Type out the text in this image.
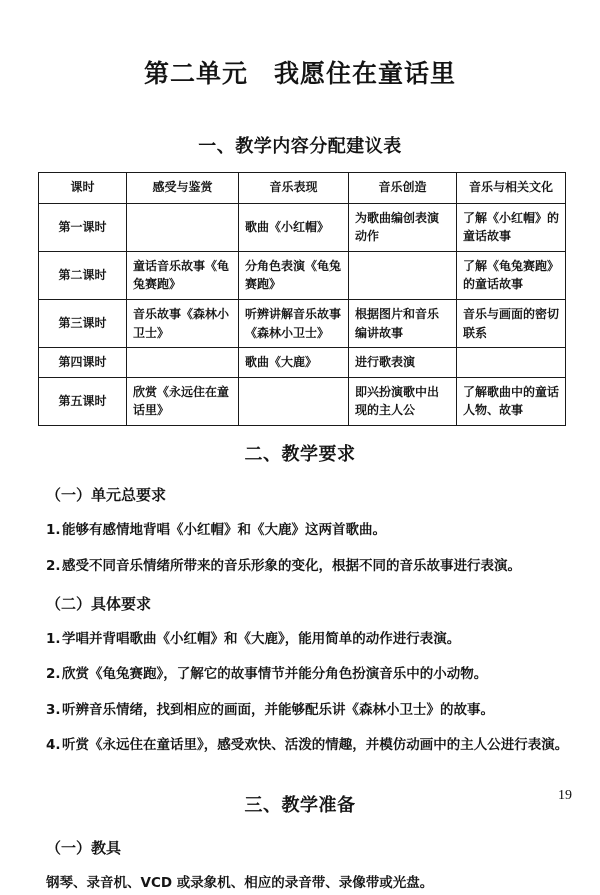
第二单元　我愿住在童话里
一、教学内容分配建议表
课时	感受与鉴赏	音乐表现	音乐创造	音乐与相关文化
第一课时		歌曲《小红帽》	为歌曲编创表演动作	了解《小红帽》的童话故事
第二课时	童话音乐故事《龟兔赛跑》	分角色表演《龟兔赛跑》		了解《龟兔赛跑》的童话故事
第三课时	音乐故事《森林小卫士》	听辨讲解音乐故事《森林小卫士》	根据图片和音乐编讲故事	音乐与画面的密切联系
第四课时		歌曲《大鹿》	进行歌表演	
第五课时	欣赏《永远住在童话里》		即兴扮演歌中出现的主人公	了解歌曲中的童话人物、故事
二、教学要求
（一）单元总要求

1.能够有感情地背唱《小红帽》和《大鹿》这两首歌曲。

2.感受不同音乐情绪所带来的音乐形象的变化，根据不同的音乐故事进行表演。

（二）具体要求

1.学唱并背唱歌曲《小红帽》和《大鹿》，能用简单的动作进行表演。

2.欣赏《龟兔赛跑》，了解它的故事情节并能分角色扮演音乐中的小动物。

3.听辨音乐情绪，找到相应的画面，并能够配乐讲《森林小卫士》的故事。

4.听赏《永远住在童话里》，感受欢快、活泼的情趣，并模仿动画中的主人公进行表演。

三、教学准备
（一）教具

钢琴、录音机、VCD 或录象机、相应的录音带、录像带或光盘。

19
